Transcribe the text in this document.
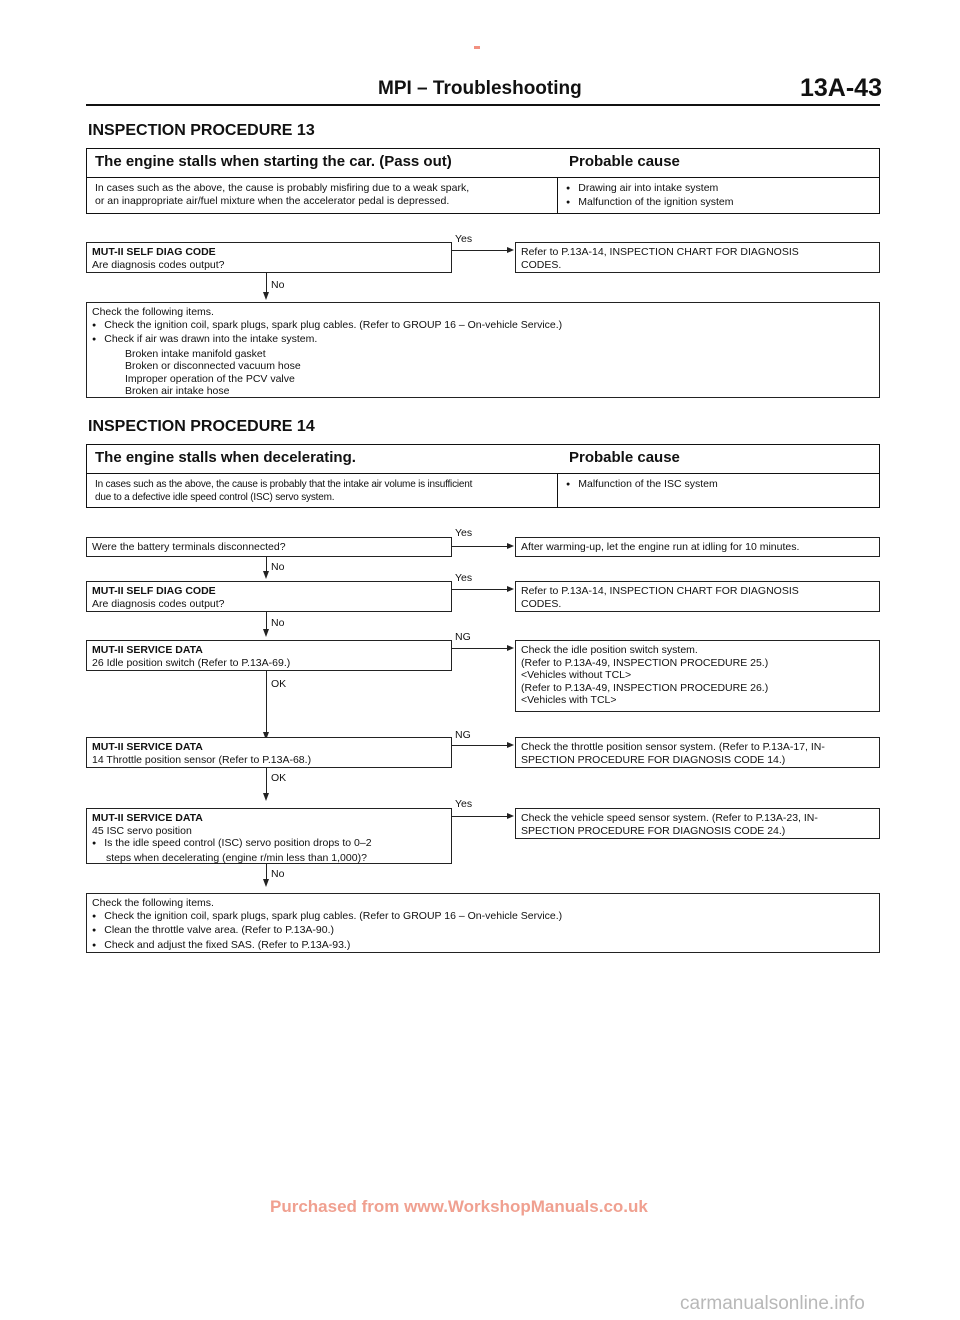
MPI – Troubleshooting	13A-43
INSPECTION PROCEDURE 13
The engine stalls when starting the car. (Pass out)	Probable cause
In cases such as the above, the cause is probably misfiring due to a weak spark,
or an inappropriate air/fuel mixture when the accelerator pedal is depressed.
● Drawing air into intake system
● Malfunction of the ignition system
MUT-II SELF DIAG CODE
Are diagnosis codes output?
Yes
Refer to P.13A-14, INSPECTION CHART FOR DIAGNOSIS
CODES.
No
Check the following items.
● Check the ignition coil, spark plugs, spark plug cables. (Refer to GROUP 16 – On-vehicle Service.)
● Check if air was drawn into the intake system.
Broken intake manifold gasket
Broken or disconnected vacuum hose
Improper operation of the PCV valve
Broken air intake hose
INSPECTION PROCEDURE 14
The engine stalls when decelerating.	Probable cause
In cases such as the above, the cause is probably that the intake air volume is insufficient
due to a defective idle speed control (ISC) servo system.
● Malfunction of the ISC system
Were the battery terminals disconnected?
Yes
After warming-up, let the engine run at idling for 10 minutes.
No
MUT-II SELF DIAG CODE
Are diagnosis codes output?
Yes
Refer to P.13A-14, INSPECTION CHART FOR DIAGNOSIS
CODES.
No
MUT-II SERVICE DATA
26 Idle position switch (Refer to P.13A-69.)
NG
Check the idle position switch system.
(Refer to P.13A-49, INSPECTION PROCEDURE 25.)
<Vehicles without TCL>
(Refer to P.13A-49, INSPECTION PROCEDURE 26.)
<Vehicles with TCL>
OK
MUT-II SERVICE DATA
14 Throttle position sensor (Refer to P.13A-68.)
NG
Check the throttle position sensor system. (Refer to P.13A-17, IN-
SPECTION PROCEDURE FOR DIAGNOSIS CODE 14.)
OK
MUT-II SERVICE DATA
45 ISC servo position
● Is the idle speed control (ISC) servo position drops to 0–2
steps when decelerating (engine r/min less than 1,000)?
Yes
Check the vehicle speed sensor system. (Refer to P.13A-23, IN-
SPECTION PROCEDURE FOR DIAGNOSIS CODE 24.)
No
Check the following items.
● Check the ignition coil, spark plugs, spark plug cables. (Refer to GROUP 16 – On-vehicle Service.)
● Clean the throttle valve area. (Refer to P.13A-90.)
● Check and adjust the fixed SAS. (Refer to P.13A-93.)
Purchased from www.WorkshopManuals.co.uk
carmanualsonline.info
